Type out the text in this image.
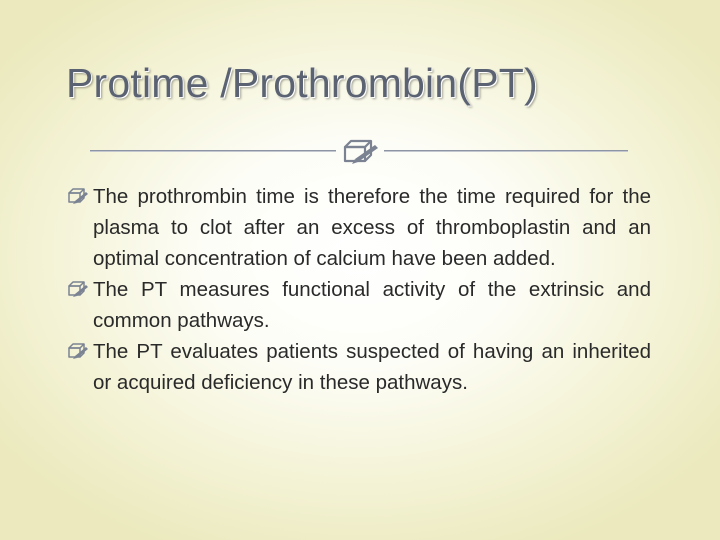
Protime /Prothrombin(PT)
The prothrombin time is therefore the time required for the plasma to clot after an excess of thromboplastin and an optimal concentration of calcium have been added.
The PT measures functional activity of the extrinsic and common pathways.
The PT evaluates patients suspected of having an inherited or acquired deficiency in these pathways.
